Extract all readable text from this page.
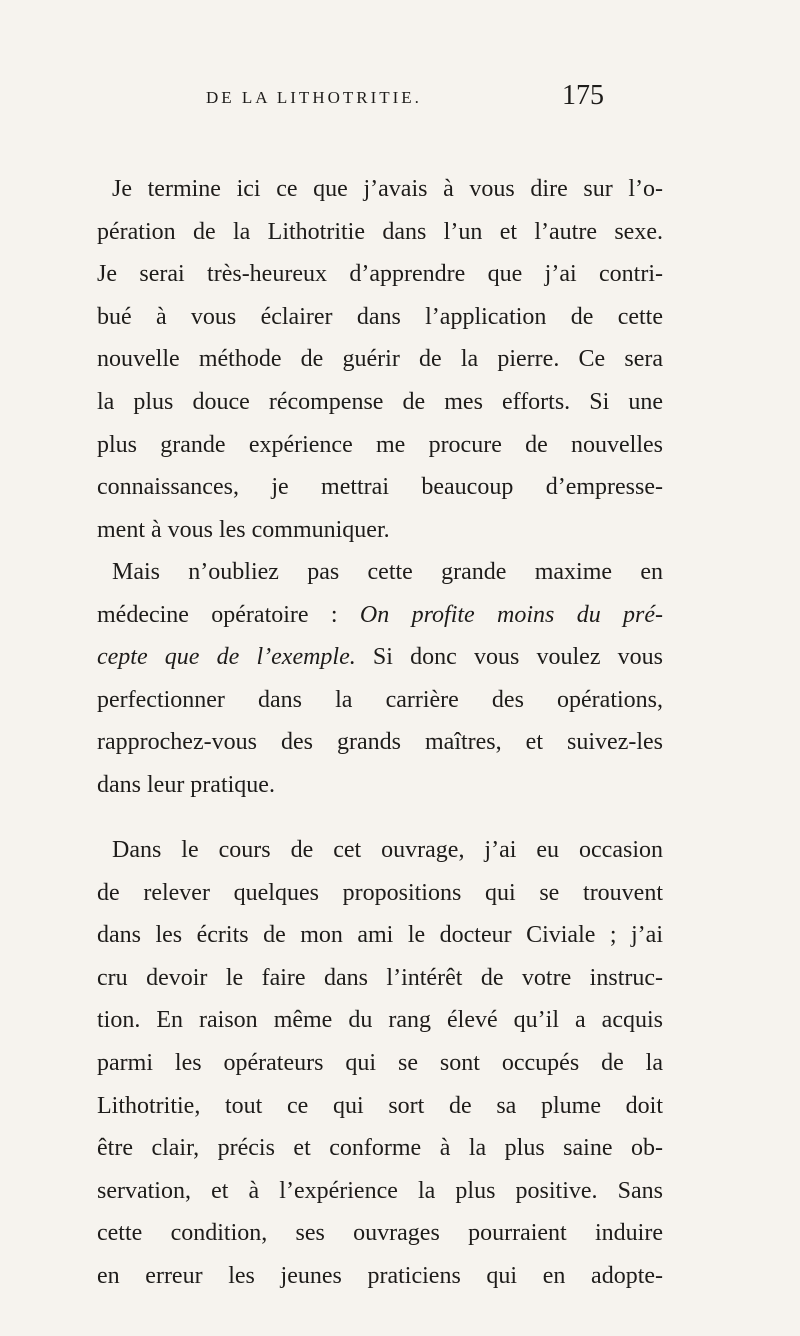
DE LA LITHOTRITIE.	175
Je termine ici ce que j’avais à vous dire sur l’o-
pération de la Lithotritie dans l’un et l’autre sexe.
Je serai très-heureux d’apprendre que j’ai contri-
bué à vous éclairer dans l’application de cette
nouvelle méthode de guérir de la pierre. Ce sera
la plus douce récompense de mes efforts. Si une
plus grande expérience me procure de nouvelles
connaissances, je mettrai beaucoup d’empresse-
ment à vous les communiquer.
Mais n’oubliez pas cette grande maxime en
médecine opératoire : On profite moins du pré-
cepte que de l’exemple. Si donc vous voulez vous
perfectionner dans la carrière des opérations,
rapprochez-vous des grands maîtres, et suivez-les
dans leur pratique.
Dans le cours de cet ouvrage, j’ai eu occasion
de relever quelques propositions qui se trouvent
dans les écrits de mon ami le docteur Civiale ; j’ai
cru devoir le faire dans l’intérêt de votre instruc-
tion. En raison même du rang élevé qu’il a acquis
parmi les opérateurs qui se sont occupés de la
Lithotritie, tout ce qui sort de sa plume doit
être clair, précis et conforme à la plus saine ob-
servation, et à l’expérience la plus positive. Sans
cette condition, ses ouvrages pourraient induire
en erreur les jeunes praticiens qui en adopte-
